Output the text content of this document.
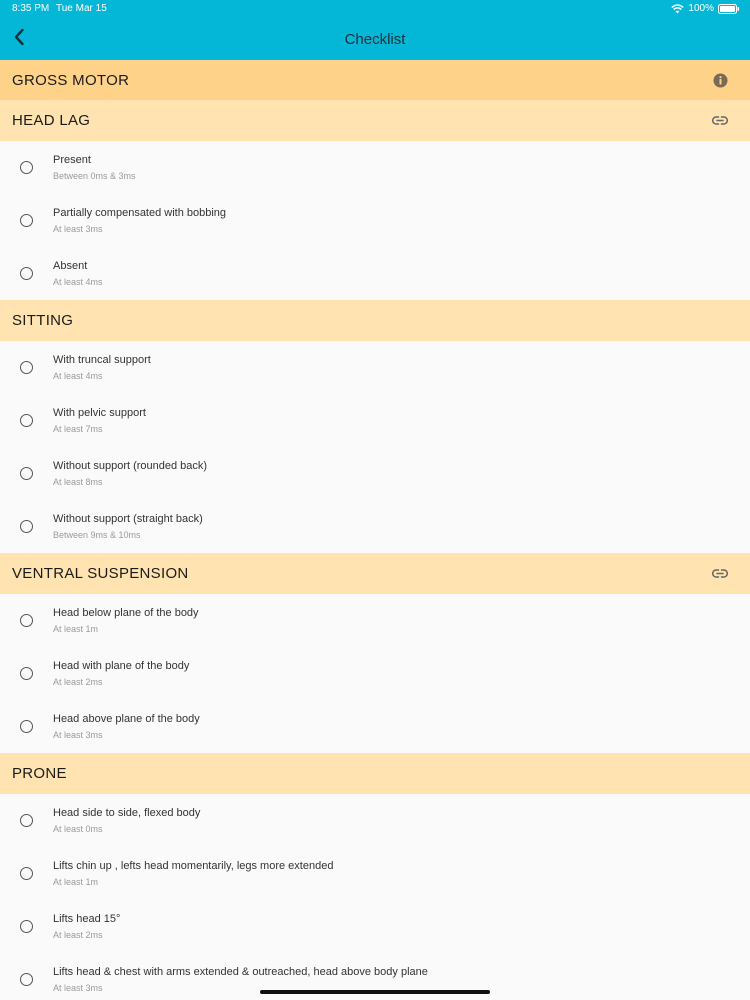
8:35 PM Tue Mar 15	100%
Checklist
GROSS MOTOR
HEAD LAG
Present
Between 0ms & 3ms
Partially compensated with bobbing
At least 3ms
Absent
At least 4ms
SITTING
With truncal support
At least 4ms
With pelvic support
At least 7ms
Without support (rounded back)
At least 8ms
Without support (straight back)
Between 9ms & 10ms
VENTRAL SUSPENSION
Head below plane of the body
At least 1m
Head with plane of the body
At least 2ms
Head above plane of the body
At least 3ms
PRONE
Head side to side, flexed body
At least 0ms
Lifts chin up , lefts head momentarily, legs more extended
At least 1m
Lifts head 15°
At least 2ms
Lifts head & chest with arms extended & outreached, head above body plane
At least 3ms
